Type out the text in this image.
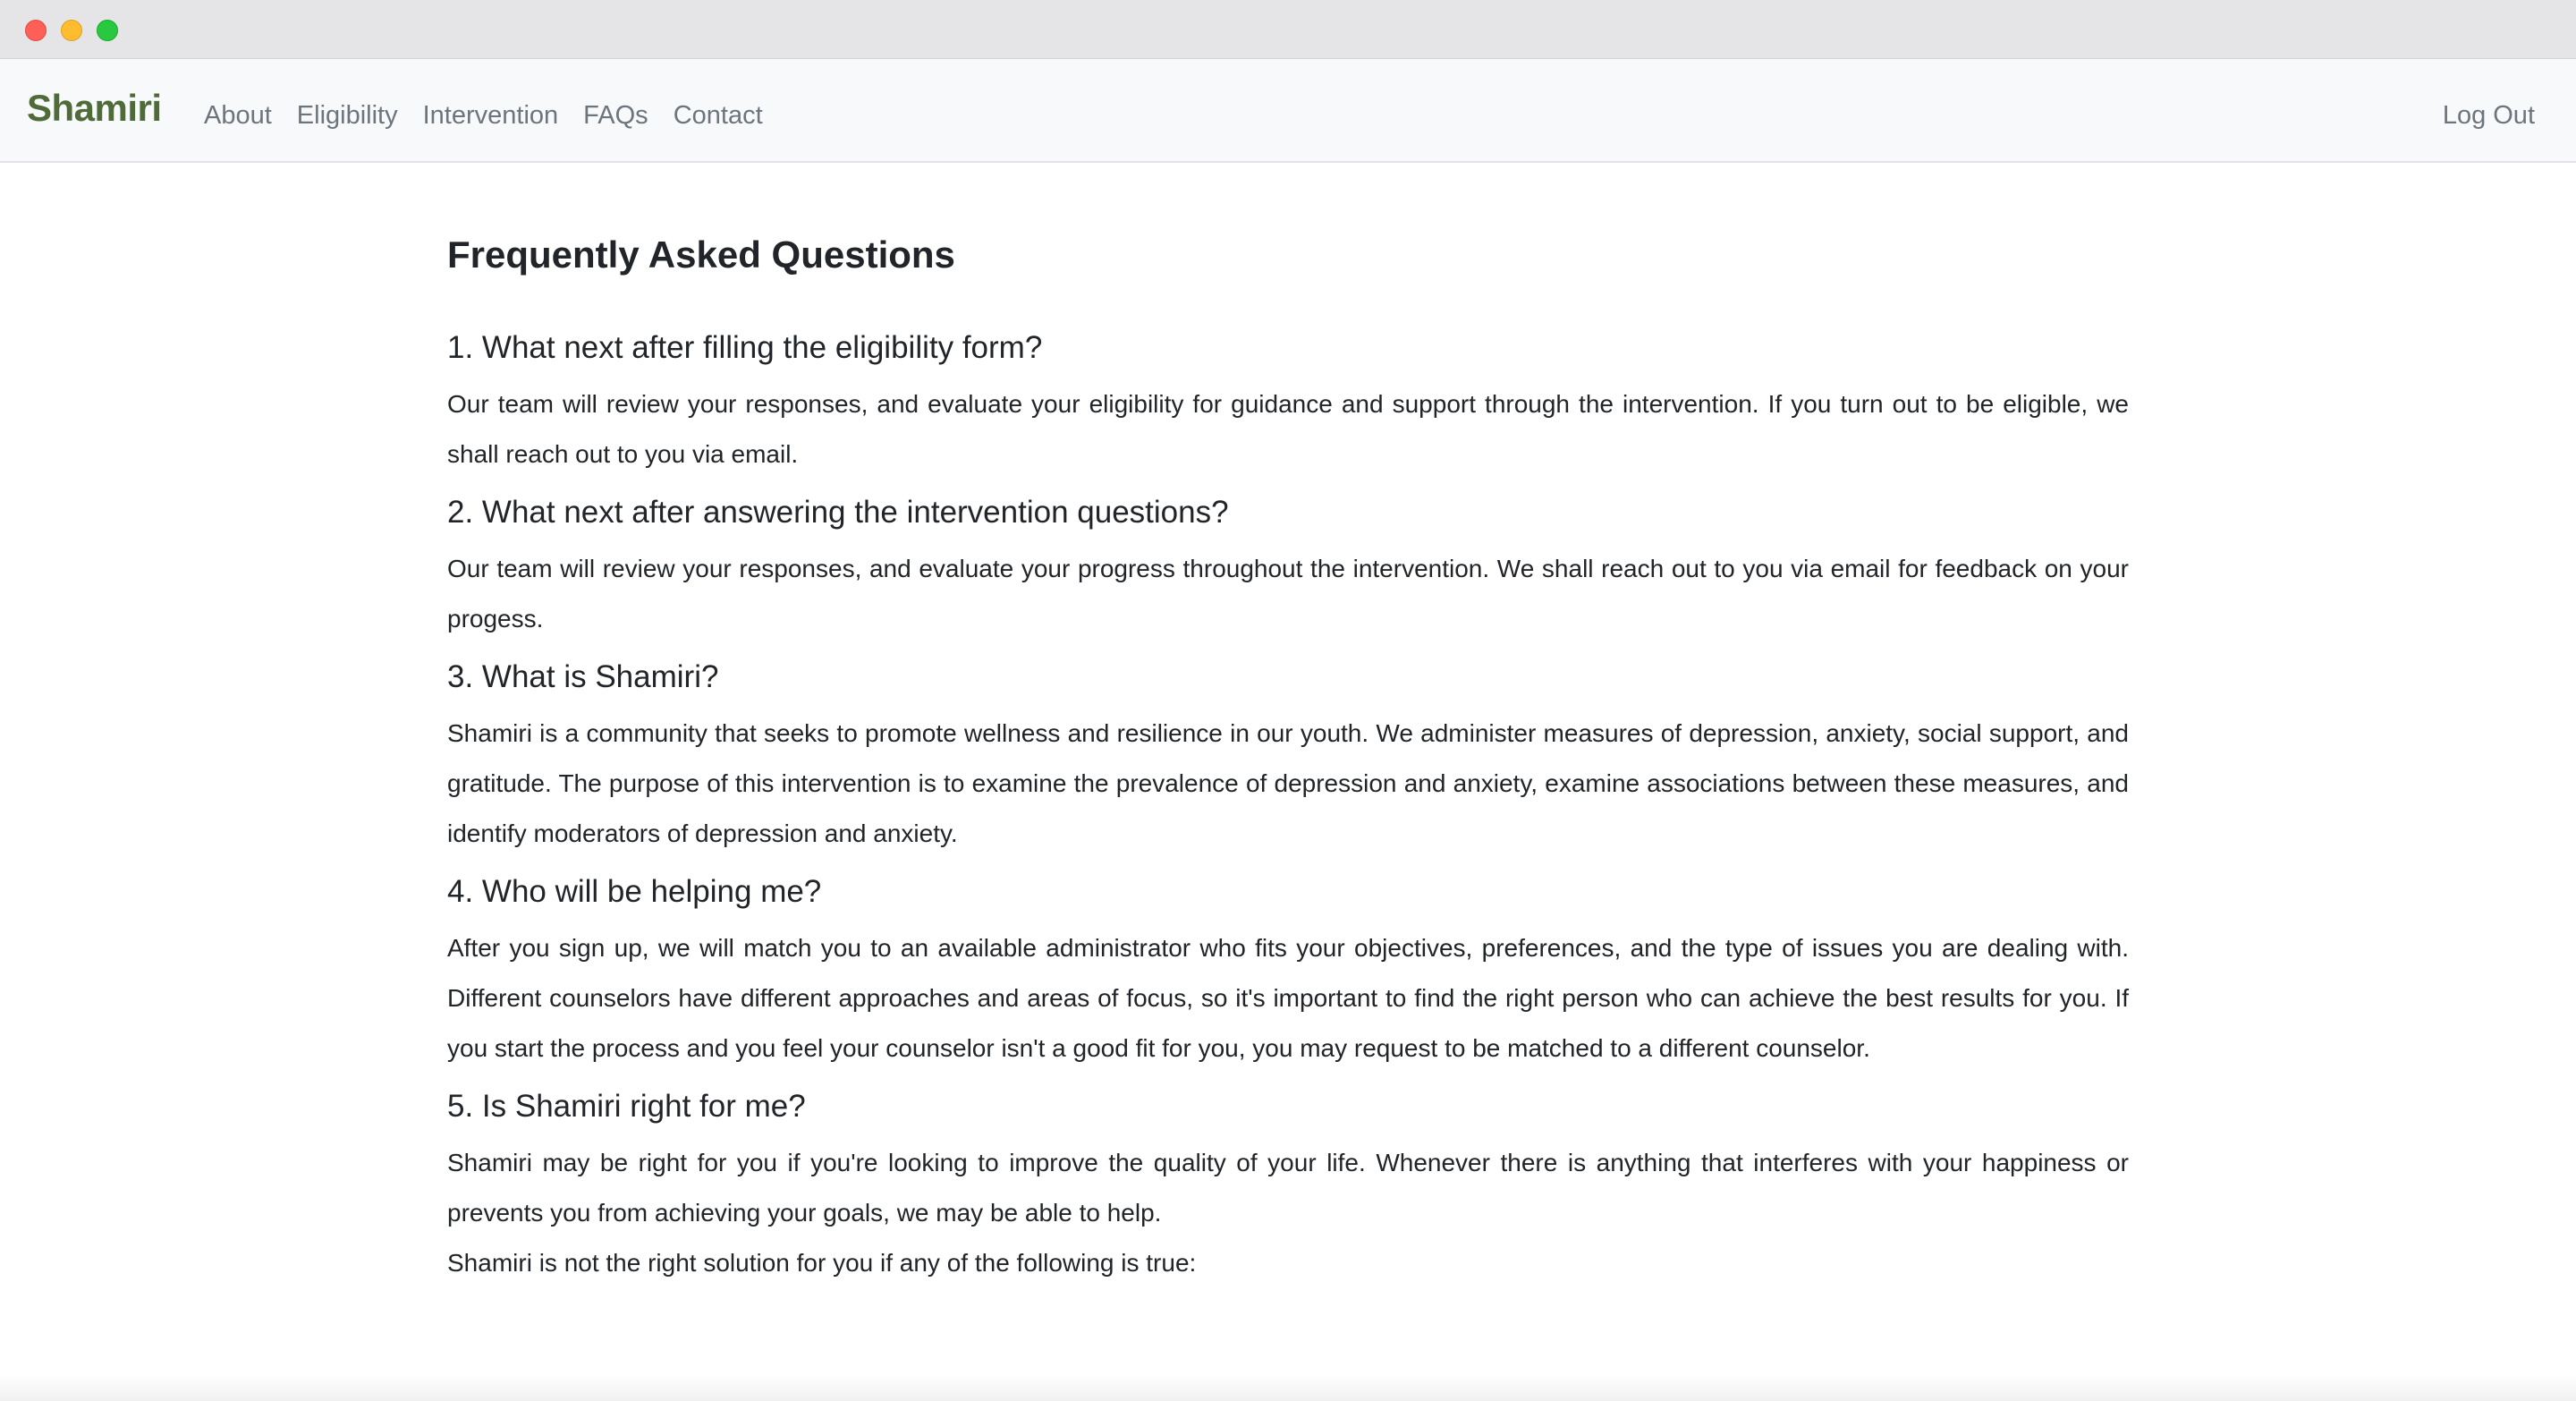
Shamiri About Eligibility Intervention FAQs Contact	Log Out
Frequently Asked Questions
1. What next after filling the eligibility form?

Our team will review your responses, and evaluate your eligibility for guidance and support through the intervention. If you turn out to be eligible, we shall reach out to you via email.

2. What next after answering the intervention questions?

Our team will review your responses, and evaluate your progress throughout the intervention. We shall reach out to you via email for feedback on your progess.

3. What is Shamiri?

Shamiri is a community that seeks to promote wellness and resilience in our youth. We administer measures of depression, anxiety, social support, and gratitude. The purpose of this intervention is to examine the prevalence of depression and anxiety, examine associations between these measures, and identify moderators of depression and anxiety.

4. Who will be helping me?

After you sign up, we will match you to an available administrator who fits your objectives, preferences, and the type of issues you are dealing with. Different counselors have different approaches and areas of focus, so it's important to find the right person who can achieve the best results for you. If you start the process and you feel your counselor isn't a good fit for you, you may request to be matched to a different counselor.

5. Is Shamiri right for me?

Shamiri may be right for you if you're looking to improve the quality of your life. Whenever there is anything that interferes with your happiness or prevents you from achieving your goals, we may be able to help.

Shamiri is not the right solution for you if any of the following is true:
